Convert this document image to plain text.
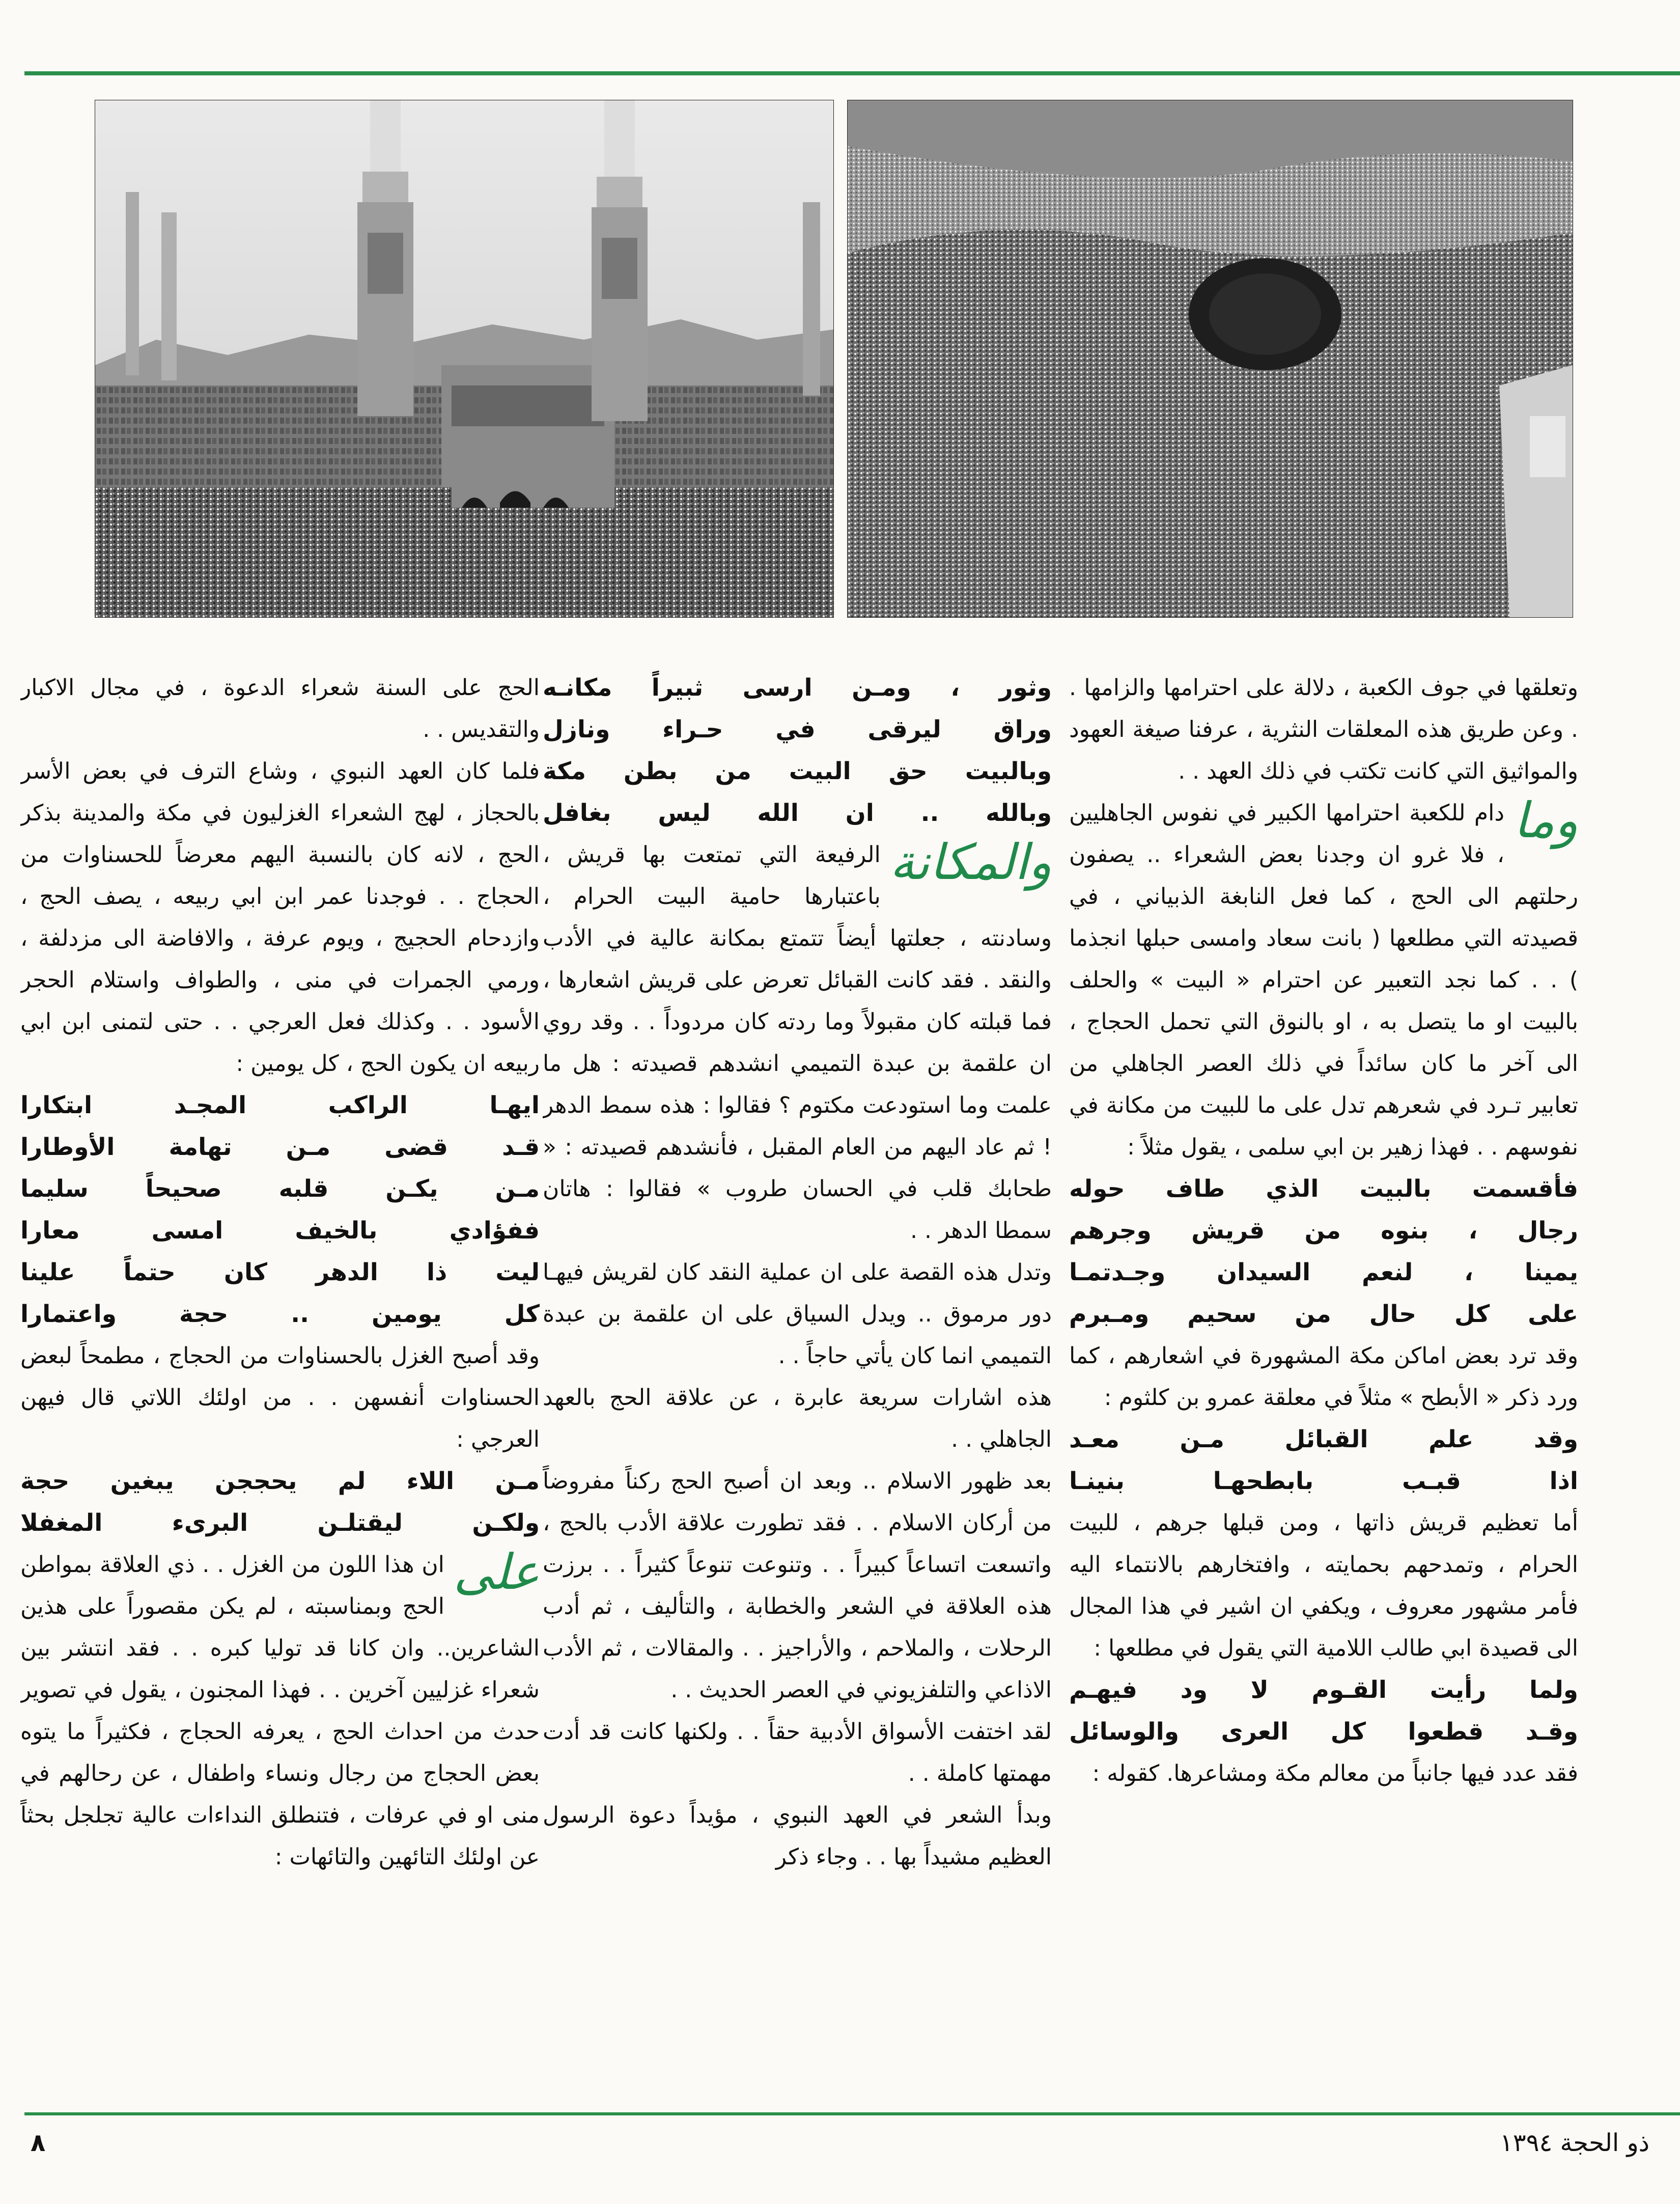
وتعلقها في جوف الكعبة ، دلالة على احترامها والزامها . . وعن طريق هذه المعلقات النثرية ، عرفنا صيغة العهود والمواثيق التي كانت تكتب في ذلك العهد . .

وما
دام للكعبة احترامها الكبير في نفوس الجاهليين ، فلا غرو ان وجدنا بعض الشعراء .. يصفون رحلتهم الى الحج ، كما فعل النابغة الذبياني ، في قصيدته التي مطلعها ( بانت سعاد وامسى حبلها انجذما ) . . كما نجد التعبير عن احترام « البيت » والحلف بالبيت او ما يتصل به ، او بالنوق التي تحمل الحجاج ، الى آخر ما كان سائداً في ذلك العصر الجاهلي من تعابير تـرد في شعرهم تدل على ما للبيت من مكانة في نفوسهم . . فهذا زهير بن ابي سلمى ، يقول مثلاً :

فأقسمت بالبيت الذي طاف حوله

رجال ، بنوه من قريش وجرهم

يمينا ، لنعم السيدان وجـدتمـا

على كل حال من سحيم ومـبرم

وقد ترد بعض اماكن مكة المشهورة في اشعارهم ، كما ورد ذكر « الأبطح » مثلاً في معلقة عمرو بن كلثوم :

وقد علم القبائل مـن معـد

اذا قبـب بابطحهـا بنينـا

أما تعظيم قريش ذاتها ، ومن قبلها جرهم ، للبيت الحرام ، وتمدحهم بحمايته ، وافتخارهم بالانتماء اليه فأمر مشهور معروف ، ويكفي ان اشير في هذا المجال الى قصيدة ابي طالب اللامية التي يقول في مطلعها :

ولما رأيت القـوم لا ود فيهـم

وقـد قطعوا كل العرى والوسائل

فقد عدد فيها جانباً من معالم مكة ومشاعرها. كقوله :

وثور ، ومـن ارسى ثبيراً مكانـه

وراق ليرقى في حـراء ونازل

وبالبيت حق البيت من بطن مكة

وبالله .. ان الله ليس بغافل

والمكانة
الرفيعة التي تمتعت بها قريش ، باعتبارها حامية البيت الحرام ، وسادنته ، جعلتها أيضاً تتمتع بمكانة عالية في الأدب والنقد . فقد كانت القبائل تعرض على قريش اشعارها ، فما قبلته كان مقبولاً وما ردته كان مردوداً . . وقد روي ان علقمة بن عبدة التميمي انشدهم قصيدته : هل ما علمت وما استودعت مكتوم ؟ فقالوا : هذه سمط الدهر ! ثم عاد اليهم من العام المقبل ، فأنشدهم قصيدته : « طحابك قلب في الحسان طروب » فقالوا : هاتان سمطا الدهر . .

وتدل هذه القصة على ان عملية النقد كان لقريش فيهـا دور مرموق .. ويدل السياق على ان علقمة بن عبدة التميمي انما كان يأتي حاجاً . .

هذه اشارات سريعة عابرة ، عن علاقة الحج بالعهد الجاهلي . .

بعد ظهور الاسلام .. وبعد ان أصبح الحج ركناً مفروضاً من أركان الاسلام . . فقد تطورت علاقة الأدب بالحج ، واتسعت اتساعاً كبيراً . . وتنوعت تنوعاً كثيراً . . برزت هذه العلاقة في الشعر والخطابة ، والتأليف ، ثم أدب الرحلات ، والملاحم ، والأراجيز . . والمقالات ، ثم الأدب الاذاعي والتلفزيوني في العصر الحديث . .

لقد اختفت الأسواق الأدبية حقاً . . ولكنها كانت قد أدت مهمتها كاملة . .

وبدأ الشعر في العهد النبوي ، مؤيداً دعوة الرسول العظيم مشيداً بها . . وجاء ذكر

الحج على السنة شعراء الدعوة ، في مجال الاكبار والتقديس . .

فلما كان العهد النبوي ، وشاع الترف في بعض الأسر بالحجاز ، لهج الشعراء الغزليون في مكة والمدينة بذكر الحج ، لانه كان بالنسبة اليهم معرضاً للحسناوات من الحجاج . . فوجدنا عمر ابن ابي ربيعه ، يصف الحج ، وازدحام الحجيج ، ويوم عرفة ، والافاضة الى مزدلفة ، ورمي الجمرات في منى ، والطواف واستلام الحجر الأسود . . وكذلك فعل العرجي . . حتى لتمنى ابن ابي ربيعه ان يكون الحج ، كل يومين :

ايهـا الراكب المجـد ابتكارا

قـد قضى مـن تهامة الأوطارا

مـن يكـن قلبه صحيحاً سليما

ففؤادي بالخيف امسى معارا

ليت ذا الدهر كان حتماً علينا

كل يومين .. حجة واعتمارا

وقد أصبح الغزل بالحسناوات من الحجاج ، مطمحاً لبعض الحسناوات أنفسهن . . من اولئك اللاتي قال فيهن العرجي :

مـن اللاء لم يحججن يبغين حجة

ولكـن ليقتلـن البرىء المغفلا

على
ان هذا اللون من الغزل . . ذي العلاقة بمواطن الحج وبمناسبته ، لم يكن مقصوراً على هذين الشاعرين.. وان كانا قد توليا كبره . . فقد انتشر بين شعراء غزليين آخرين . . فهذا المجنون ، يقول في تصوير حدث من احداث الحج ، يعرفه الحجاج ، فكثيراً ما يتوه بعض الحجاج من رجال ونساء واطفال ، عن رحالهم في منى او في عرفات ، فتنطلق النداءات عالية تجلجل بحثاً عن اولئك التائهين والتائهات :

ذو الحجة ١٣٩٤
٨
